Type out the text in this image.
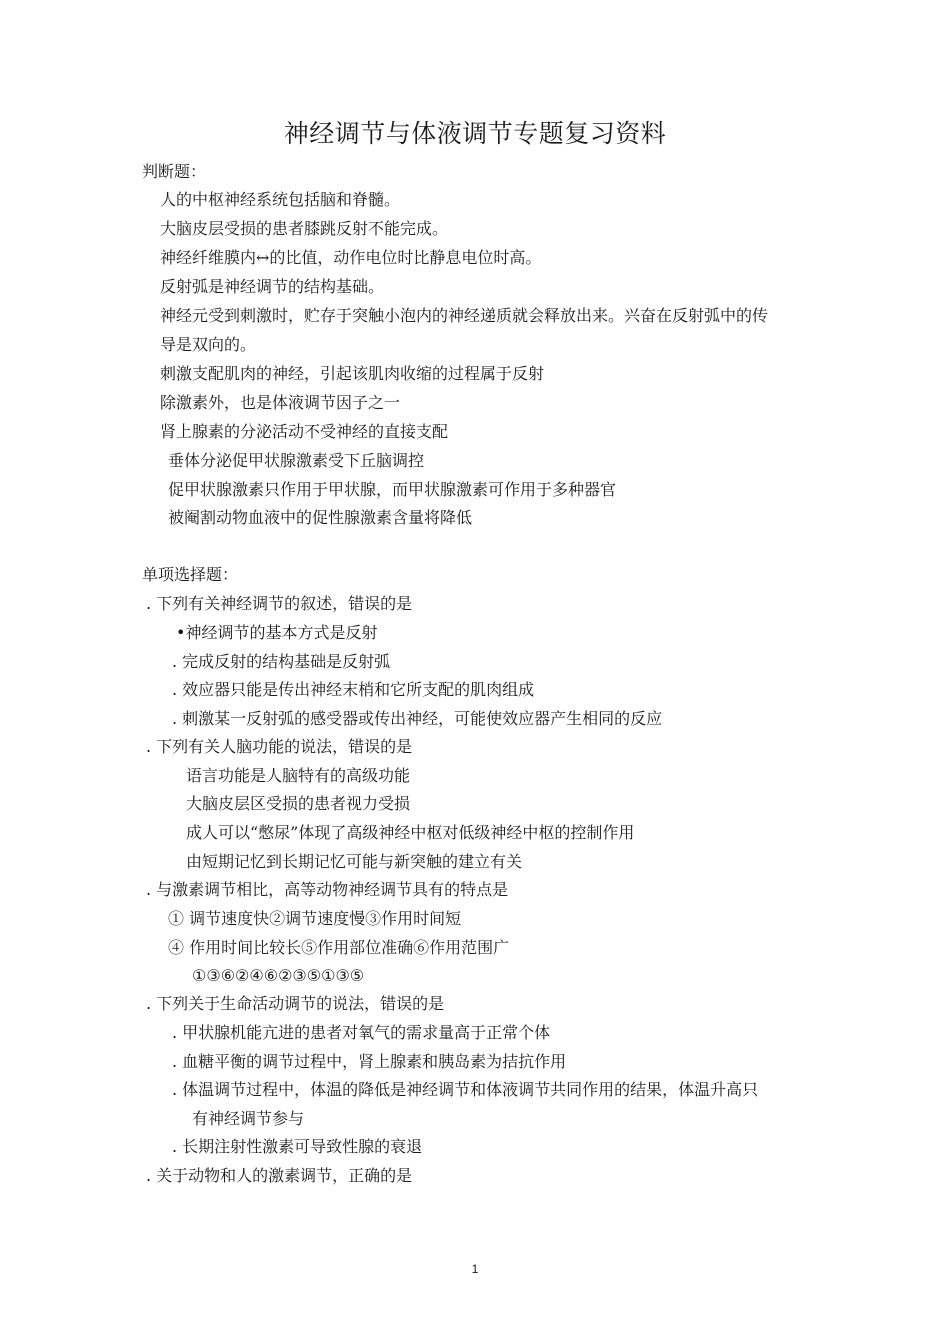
神经调节与体液调节专题复习资料
判断题：
人的中枢神经系统包括脑和脊髓。
大脑皮层受损的患者膝跳反射不能完成。
神经纤维膜内↔的比值，动作电位时比静息电位时高。
反射弧是神经调节的结构基础。
神经元受到刺激时，贮存于突触小泡内的神经递质就会释放出来。兴奋在反射弧中的传
导是双向的。
刺激支配肌肉的神经，引起该肌肉收缩的过程属于反射
除激素外，也是体液调节因子之一
肾上腺素的分泌活动不受神经的直接支配
垂体分泌促甲状腺激素受下丘脑调控
促甲状腺激素只作用于甲状腺，而甲状腺激素可作用于多种器官
被阉割动物血液中的促性腺激素含量将降低
单项选择题：
. 下列有关神经调节的叙述，错误的是
•神经调节的基本方式是反射
. 完成反射的结构基础是反射弧
. 效应器只能是传出神经末梢和它所支配的肌肉组成
. 刺激某一反射弧的感受器或传出神经，可能使效应器产生相同的反应
. 下列有关人脑功能的说法，错误的是
语言功能是人脑特有的高级功能
大脑皮层区受损的患者视力受损
成人可以“憋尿”体现了高级神经中枢对低级神经中枢的控制作用
由短期记忆到长期记忆可能与新突触的建立有关
. 与激素调节相比，高等动物神经调节具有的特点是
① 调节速度快②调节速度慢③作用时间短
④ 作用时间比较长⑤作用部位准确⑥作用范围广
①③⑥②④⑥②③⑤①③⑤
. 下列关于生命活动调节的说法，错误的是
. 甲状腺机能亢进的患者对氧气的需求量高于正常个体
. 血糖平衡的调节过程中，肾上腺素和胰岛素为拮抗作用
. 体温调节过程中，体温的降低是神经调节和体液调节共同作用的结果，体温升高只
有神经调节参与
. 长期注射性激素可导致性腺的衰退
. 关于动物和人的激素调节，正确的是
1
